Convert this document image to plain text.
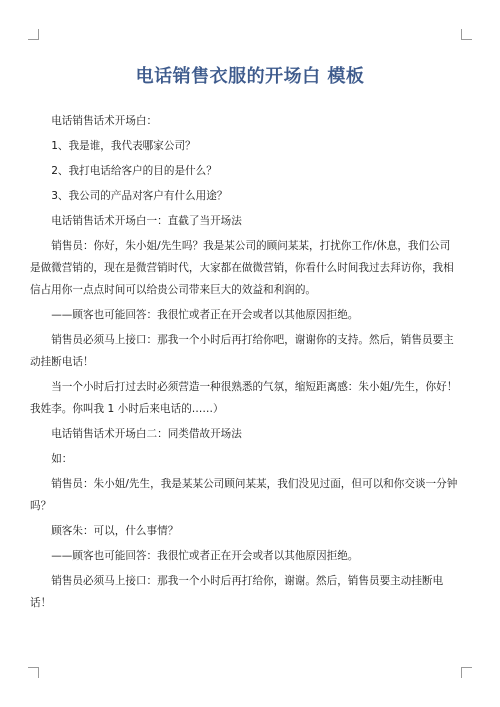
电话销售衣服的开场白 模板

电话销售话术开场白：

1、我是谁，我代表哪家公司？

2、我打电话给客户的目的是什么？

3、我公司的产品对客户有什么用途？

电话销售话术开场白一：直截了当开场法

销售员：你好，朱小姐/先生吗？我是某公司的顾问某某，打扰你工作/休息，我们公司是做微营销的，现在是微营销时代，大家都在做微营销，你看什么时间我过去拜访你，我相信占用你一点点时间可以给贵公司带来巨大的效益和利润的。

——顾客也可能回答：我很忙或者正在开会或者以其他原因拒绝。

销售员必须马上接口：那我一个小时后再打给你吧，谢谢你的支持。然后，销售员要主动挂断电话！

当一个小时后打过去时必须营造一种很熟悉的气氛，缩短距离感：朱小姐/先生，你好！我姓李。你叫我 1 小时后来电话的……）

电话销售话术开场白二：同类借故开场法

如：

销售员：朱小姐/先生，我是某某公司顾问某某，我们没见过面，但可以和你交谈一分钟吗？

顾客朱：可以，什么事情？

——顾客也可能回答：我很忙或者正在开会或者以其他原因拒绝。

销售员必须马上接口：那我一个小时后再打给你，谢谢。然后，销售员要主动挂断电话！
